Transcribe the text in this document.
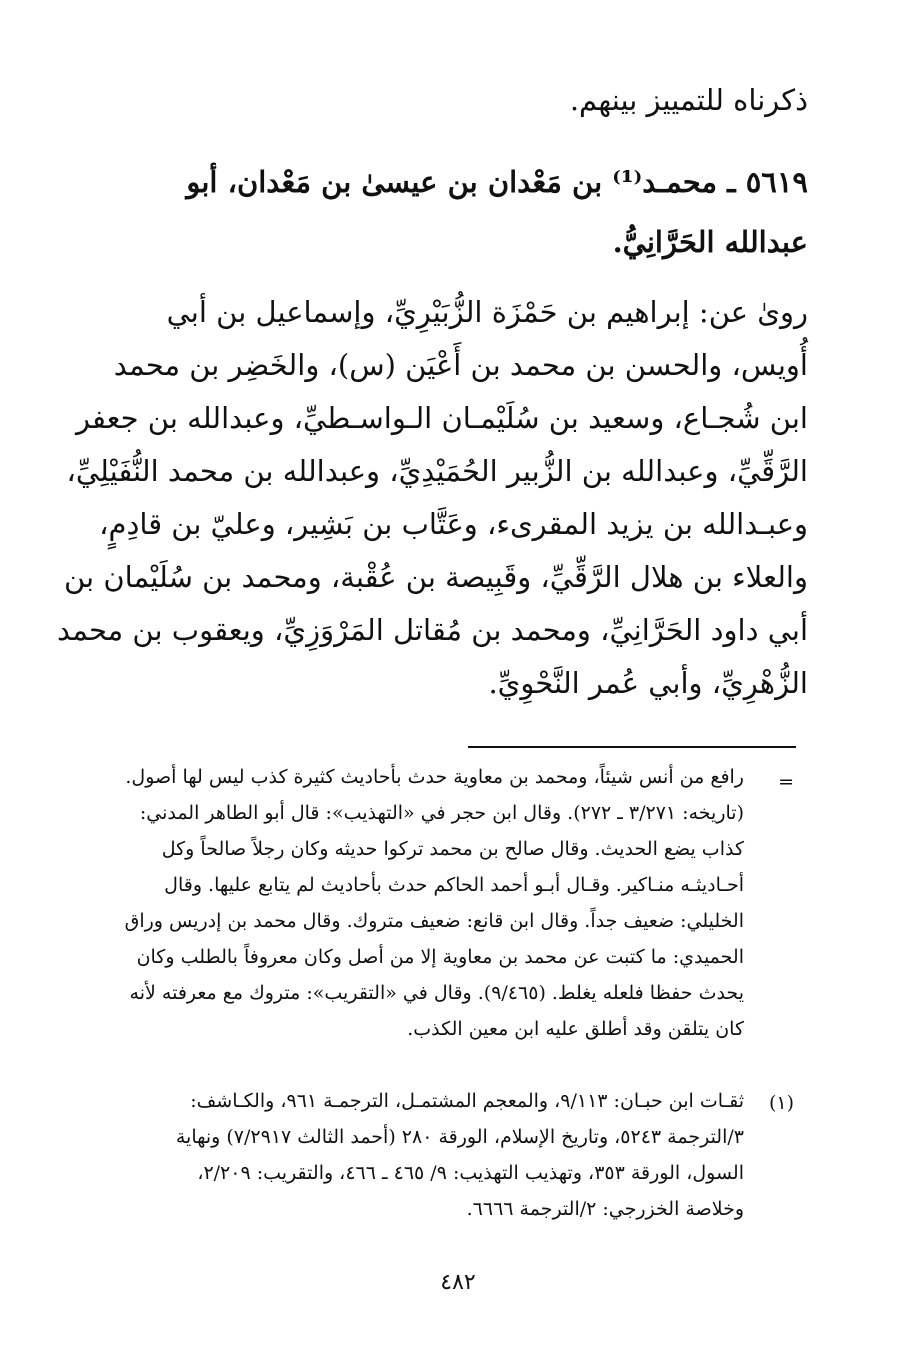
ذكرناه للتمييز بينهم.
٥٦١٩ ـ محمـد⁽¹⁾ بن مَعْدان بن عيسىٰ بن مَعْدان، أبو
عبدالله الحَرَّانِيُّ.
روىٰ عن: إبراهيم بن حَمْزَة الزُّبَيْرِيِّ، وإسماعيل بن أبي
أُويس، والحسن بن محمد بن أَعْيَن (س)، والخَضِر بن محمد
ابن شُجـاع، وسعيد بن سُلَيْمـان الـواسـطيِّ، وعبدالله بن جعفر
الرَّقِّيِّ، وعبدالله بن الزُّبير الحُمَيْدِيِّ، وعبدالله بن محمد النُّفَيْلِيِّ،
وعبـدالله بن يزيد المقرىء، وعَتَّاب بن بَشِير، وعليّ بن قادِمٍ،
والعلاء بن هلال الرَّقِّيِّ، وقَبِيصة بن عُقْبة، ومحمد بن سُلَيْمان بن
أبي داود الحَرَّانِيِّ، ومحمد بن مُقاتل المَرْوَزِيِّ، ويعقوب بن محمد
الزُّهْرِيِّ، وأبي عُمر النَّحْوِيِّ.
=
رافع من أنس شيئاً، ومحمد بن معاوية حدث بأحاديث كثيرة كذب ليس لها أصول.
(تاريخه: ٣/٢٧١ ـ ٢٧٢). وقال ابن حجر في «التهذيب»: قال أبو الطاهر المدني:
كذاب يضع الحديث. وقال صالح بن محمد تركوا حديثه وكان رجلاً صالحاً وكل
أحـاديثـه منـاكير. وقـال أبـو أحمد الحاكم حدث بأحاديث لم يتابع عليها. وقال
الخليلي: ضعيف جداً. وقال ابن قانع: ضعيف متروك. وقال محمد بن إدريس وراق
الحميدي: ما كتبت عن محمد بن معاوية إلا من أصل وكان معروفاً بالطلب وكان
يحدث حفظا فلعله يغلط. (٩/٤٦٥). وقال في «التقريب»: متروك مع معرفته لأنه
كان يتلقن وقد أطلق عليه ابن معين الكذب.
(١)
ثقـات ابن حبـان: ٩/١١٣، والمعجم المشتمـل، الترجمـة ٩٦١، والكـاشف:
٣/الترجمة ٥٢٤٣، وتاريخ الإسلام، الورقة ٢٨٠ (أحمد الثالث ٧/٢٩١٧) ونهاية
السول، الورقة ٣٥٣، وتهذيب التهذيب: ٩/ ٤٦٥ ـ ٤٦٦، والتقريب: ٢/٢٠٩،
وخلاصة الخزرجي: ٢/الترجمة ٦٦٦٦.
٤٨٢
